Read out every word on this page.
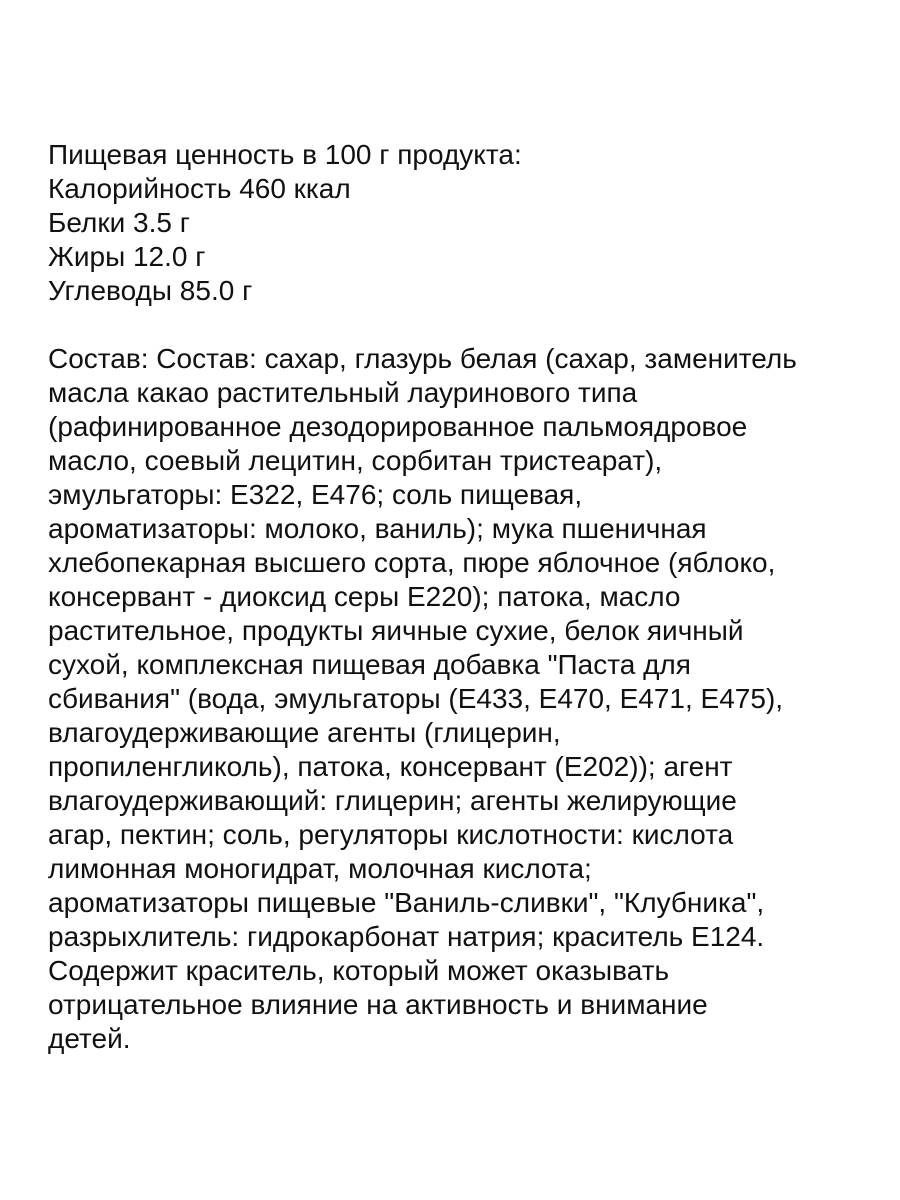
Пищевая ценность в 100 г продукта:

Калорийность 460 ккал

Белки 3.5 г

Жиры 12.0 г

Углеводы 85.0 г

Состав: Состав: сахар, глазурь белая (сахар, заменитель

масла какао растительный лауринового типа

(рафинированное дезодорированное пальмоядровое

масло, соевый лецитин, сорбитан тристеарат),

эмульгаторы: Е322, Е476; соль пищевая,

ароматизаторы: молоко, ваниль); мука пшеничная

хлебопекарная высшего сорта, пюре яблочное (яблоко,

консервант - диоксид серы Е220); патока, масло

растительное, продукты яичные сухие, белок яичный

сухой, комплексная пищевая добавка "Паста для

сбивания" (вода, эмульгаторы (Е433, Е470, Е471, Е475),

влагоудерживающие агенты (глицерин,

пропиленгликоль), патока, консервант (Е202)); агент

влагоудерживающий: глицерин; агенты желирующие

агар, пектин; соль, регуляторы кислотности: кислота

лимонная моногидрат, молочная кислота;

ароматизаторы пищевые "Ваниль-сливки", "Клубника",

разрыхлитель: гидрокарбонат натрия; краситель Е124.

Содержит краситель, который может оказывать

отрицательное влияние на активность и внимание

детей.
